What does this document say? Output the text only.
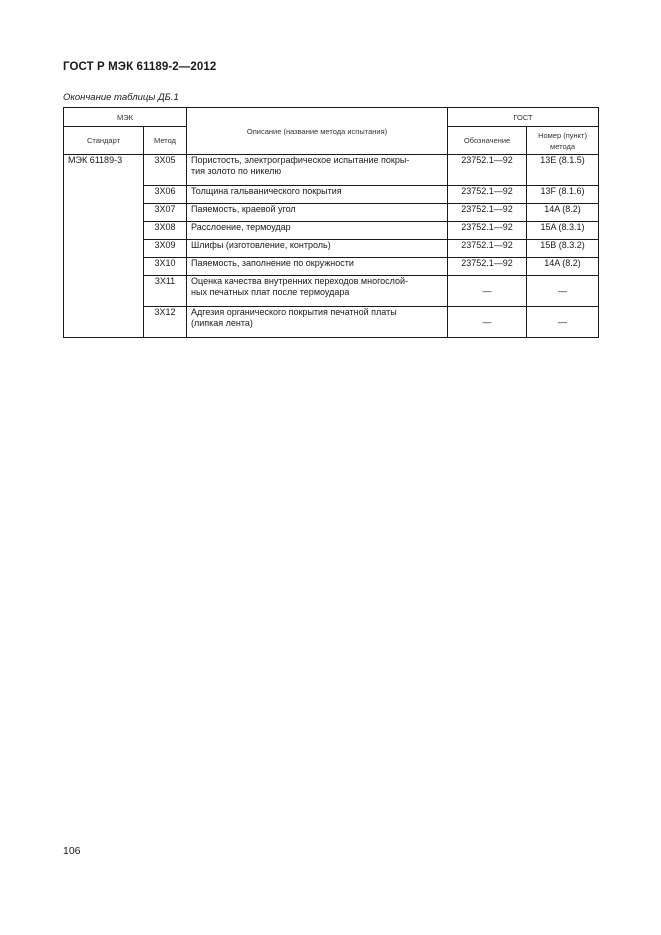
ГОСТ Р МЭК 61189-2—2012
Окончание таблицы ДБ.1
МЭК		Описание (название метода испытания)	ГОСТ	
Стандарт	Метод		Обозначение	Номер (пункт)
метода
МЭК 61189-3	3X05	Пористость, электрографическое испытание покры-
тия золото по никелю	23752.1—92	13E (8.1.5)
	3X06	Толщина гальванического покрытия	23752.1—92	13F (8.1.6)
	3X07	Паяемость, краевой угол	23752.1—92	14A (8.2)
	3X08	Расслоение, термоудар	23752.1—92	15A (8.3.1)
	3X09	Шлифы (изготовление, контроль)	23752.1—92	15B (8.3.2)
	3X10	Паяемость, заполнение по окружности	23752.1—92	14A (8.2)
	3X11	Оценка качества внутренних переходов многослой-
ных печатных плат после термоудара	—	—
	3X12	Адгезия органического покрытия печатной платы
(липкая лента)	—	—
106
